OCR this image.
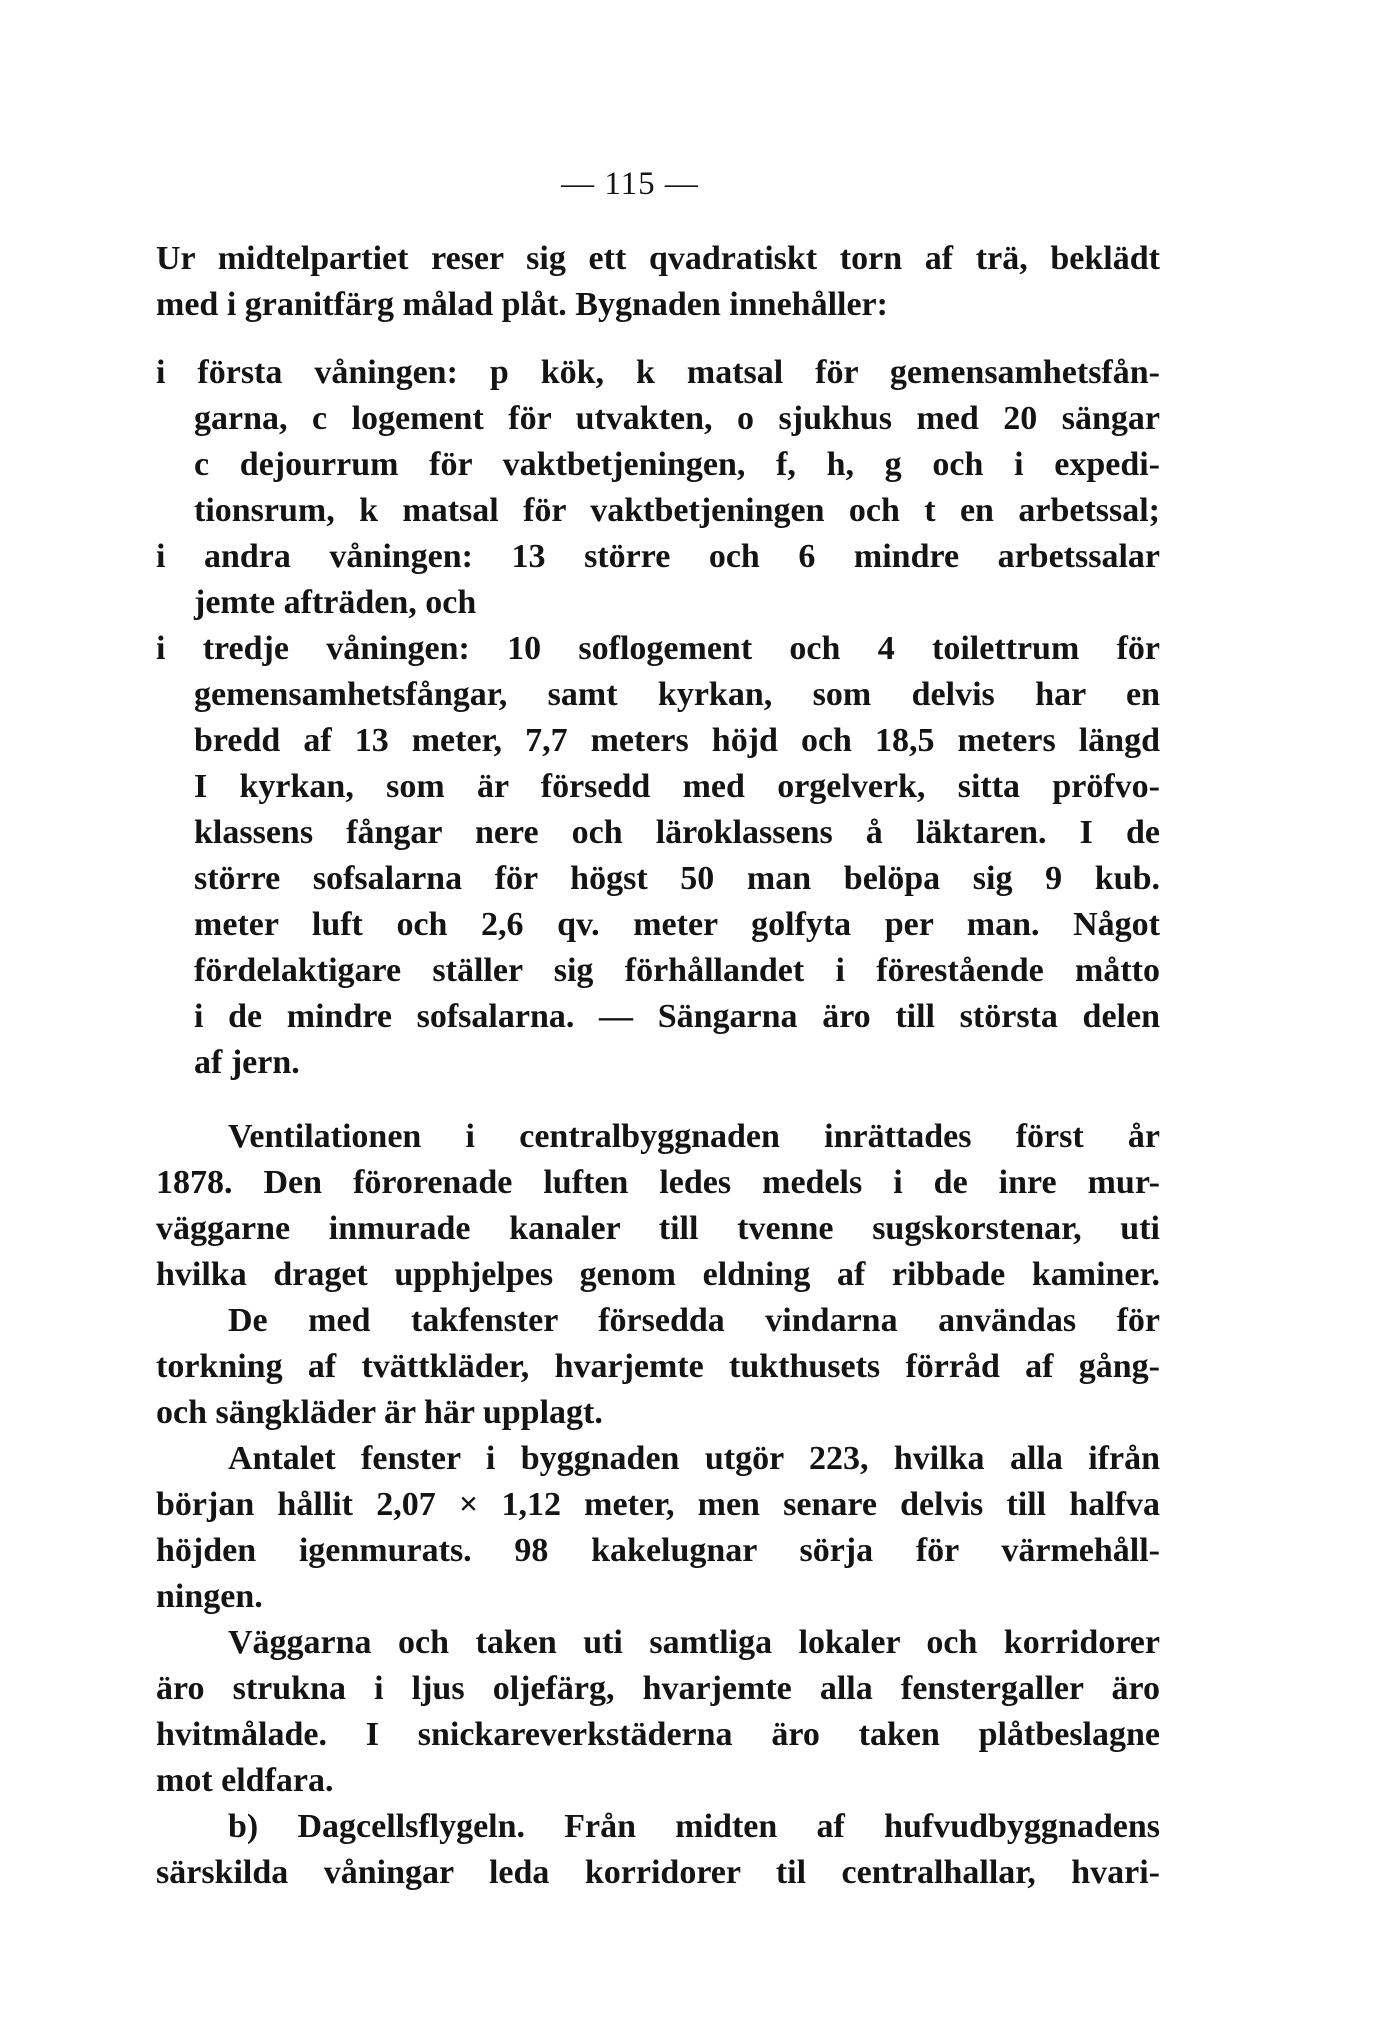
— 115 —
Ur midtelpartiet reser sig ett qvadratiskt torn af trä, beklädt
med i granitfärg målad plåt. Bygnaden innehåller:
i första våningen: p kök, k matsal för gemensamhetsfån-
garna, c logement för utvakten, o sjukhus med 20 sängar
c dejourrum för vaktbetjeningen, f, h, g och i expedi-
tionsrum, k matsal för vaktbetjeningen och t en arbetssal;
i andra våningen: 13 större och 6 mindre arbetssalar
jemte afträden, och
i tredje våningen: 10 soflogement och 4 toilettrum för
gemensamhetsfångar, samt kyrkan, som delvis har en
bredd af 13 meter, 7,7 meters höjd och 18,5 meters längd
I kyrkan, som är försedd med orgelverk, sitta pröfvo-
klassens fångar nere och läroklassens å läktaren. I de
större sofsalarna för högst 50 man belöpa sig 9 kub.
meter luft och 2,6 qv. meter golfyta per man. Något
fördelaktigare ställer sig förhållandet i förestående måtto
i de mindre sofsalarna. — Sängarna äro till största delen
af jern.
Ventilationen i centralbyggnaden inrättades först år
1878. Den förorenade luften ledes medels i de inre mur-
väggarne inmurade kanaler till tvenne sugskorstenar, uti
hvilka draget upphjelpes genom eldning af ribbade kaminer.
De med takfenster försedda vindarna användas för
torkning af tvättkläder, hvarjemte tukthusets förråd af gång-
och sängkläder är här upplagt.
Antalet fenster i byggnaden utgör 223, hvilka alla ifrån
början hållit 2,07 × 1,12 meter, men senare delvis till halfva
höjden igenmurats. 98 kakelugnar sörja för värmehåll-
ningen.
Väggarna och taken uti samtliga lokaler och korridorer
äro strukna i ljus oljefärg, hvarjemte alla fenstergaller äro
hvitmålade. I snickareverkstäderna äro taken plåtbeslagne
mot eldfara.
b) Dagcellsflygeln. Från midten af hufvudbyggnadens
särskilda våningar leda korridorer til centralhallar, hvari-
